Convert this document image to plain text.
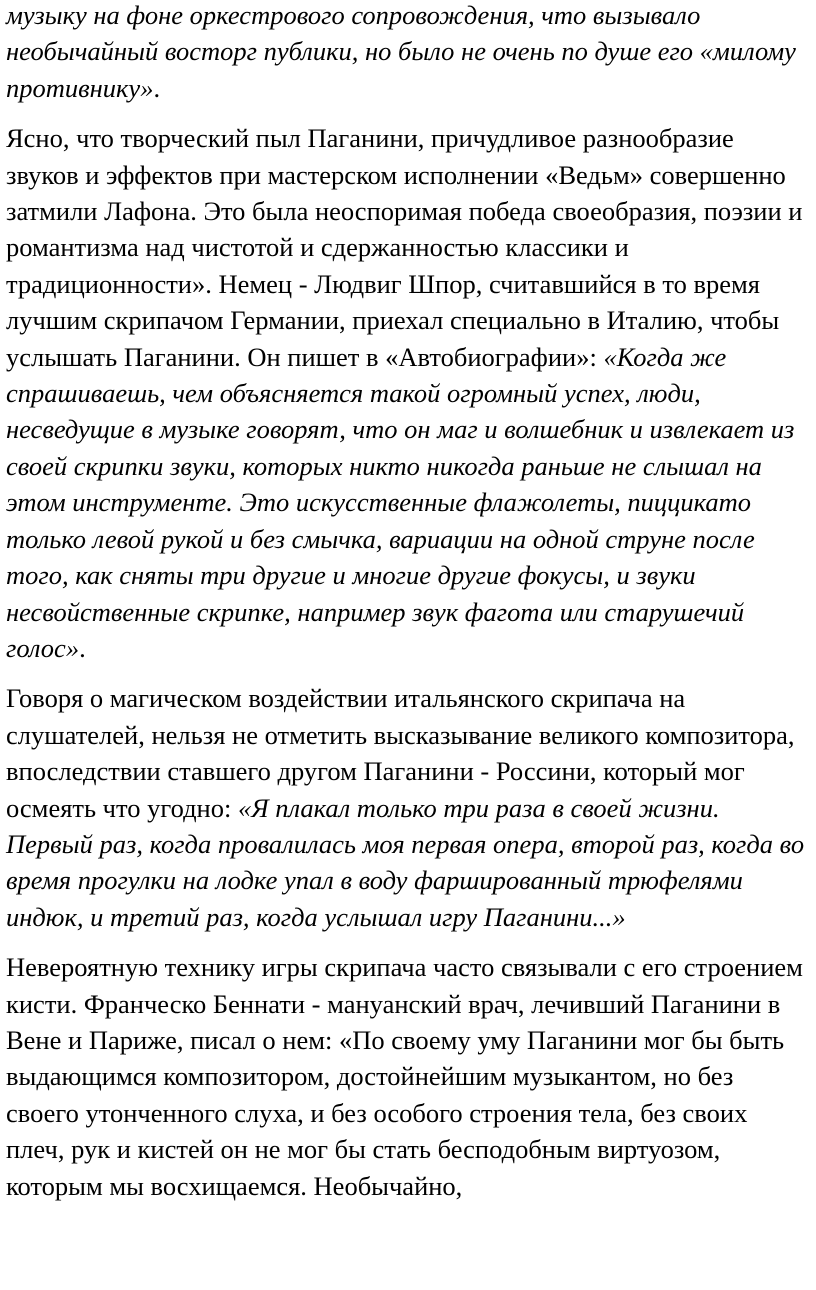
музыку на фоне оркестрового сопровождения, что вызывало необычайный восторг публики, но было не очень по душе его «милому противнику».

Ясно, что творческий пыл Паганини, причудливое разнообразие звуков и эффектов при мастерском исполнении «Ведьм» совершенно затмили Лафона. Это была неоспоримая победа своеобразия, поэзии и романтизма над чистотой и сдержанностью классики и традиционности». Немец - Людвиг Шпор, считавшийся в то время лучшим скрипачом Германии, приехал специально в Италию, чтобы услышать Паганини. Он пишет в «Автобиографии»: «Когда же спрашиваешь, чем объясняется такой огромный успех, люди, несведущие в музыке говорят, что он маг и волшебник и извлекает из своей скрипки звуки, которых никто никогда раньше не слышал на этом инструменте. Это искусственные флажолеты, пиццикато только левой рукой и без смычка, вариации на одной струне после того, как сняты три другие и многие другие фокусы, и звуки несвойственные скрипке, например звук фагота или старушечий голос».

Говоря о магическом воздействии итальянского скрипача на слушателей, нельзя не отметить высказывание великого композитора, впоследствии ставшего другом Паганини - Россини, который мог осмеять что угодно: «Я плакал только три раза в своей жизни. Первый раз, когда провалилась моя первая опера, второй раз, когда во время прогулки на лодке упал в воду фаршированный трюфелями индюк, и третий раз, когда услышал игру Паганини...»

Невероятную технику игры скрипача часто связывали с его строением кисти. Франческо Беннати - мануанский врач, лечивший Паганини в Вене и Париже, писал о нем: «По своему уму Паганини мог бы быть выдающимся композитором, достойнейшим музыкантом, но без своего утонченного слуха, и без особого строения тела, без своих плеч, рук и кистей он не мог бы стать бесподобным виртуозом, которым мы восхищаемся. Необычайно,
